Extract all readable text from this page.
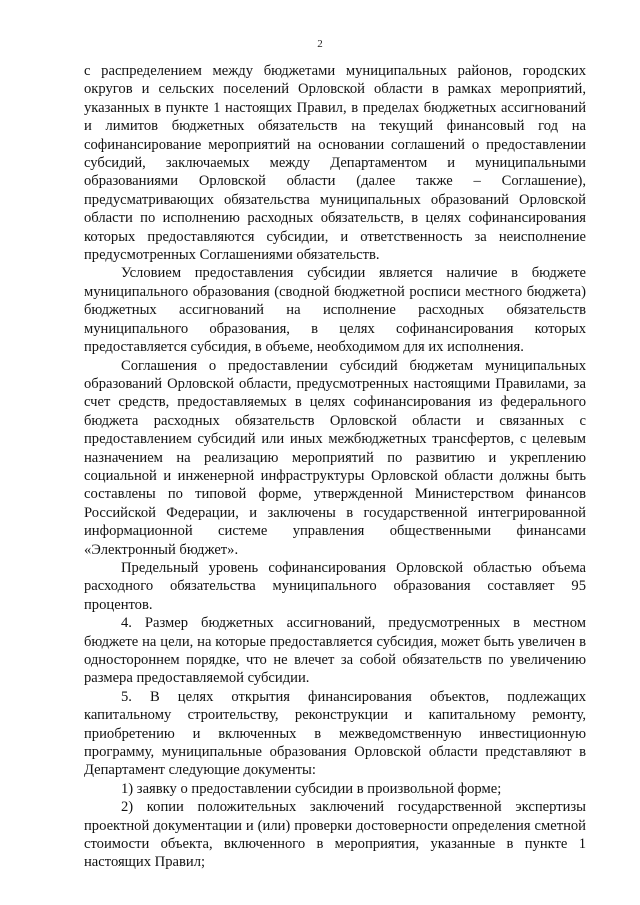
2

с распределением между бюджетами муниципальных районов, городских округов и сельских поселений Орловской области в рамках мероприятий, указанных в пункте 1 настоящих Правил, в пределах бюджетных ассигнований и лимитов бюджетных обязательств на текущий финансовый год на софинансирование мероприятий на основании соглашений о предоставлении субсидий, заключаемых между Департаментом и муниципальными образованиями Орловской области (далее также – Соглашение), предусматривающих обязательства муниципальных образований Орловской области по исполнению расходных обязательств, в целях софинансирования которых предоставляются субсидии, и ответственность за неисполнение предусмотренных Соглашениями обязательств.

Условием предоставления субсидии является наличие в бюджете муниципального образования (сводной бюджетной росписи местного бюджета) бюджетных ассигнований на исполнение расходных обязательств муниципального образования, в целях софинансирования которых предоставляется субсидия, в объеме, необходимом для их исполнения.

Соглашения о предоставлении субсидий бюджетам муниципальных образований Орловской области, предусмотренных настоящими Правилами, за счет средств, предоставляемых в целях софинансирования из федерального бюджета расходных обязательств Орловской области и связанных с предоставлением субсидий или иных межбюджетных трансфертов, с целевым назначением на реализацию мероприятий по развитию и укреплению социальной и инженерной инфраструктуры Орловской области должны быть составлены по типовой форме, утвержденной Министерством финансов Российской Федерации, и заключены в государственной интегрированной информационной системе управления общественными финансами «Электронный бюджет».

Предельный уровень софинансирования Орловской областью объема расходного обязательства муниципального образования составляет 95 процентов.

4. Размер бюджетных ассигнований, предусмотренных в местном бюджете на цели, на которые предоставляется субсидия, может быть увеличен в одностороннем порядке, что не влечет за собой обязательств по увеличению размера предоставляемой субсидии.

5. В целях открытия финансирования объектов, подлежащих капитальному строительству, реконструкции и капитальному ремонту, приобретению и включенных в межведомственную инвестиционную программу, муниципальные образования Орловской области представляют в Департамент следующие документы:

1) заявку о предоставлении субсидии в произвольной форме;

2) копии положительных заключений государственной экспертизы проектной документации и (или) проверки достоверности определения сметной стоимости объекта, включенного в мероприятия, указанные в пункте 1 настоящих Правил;
